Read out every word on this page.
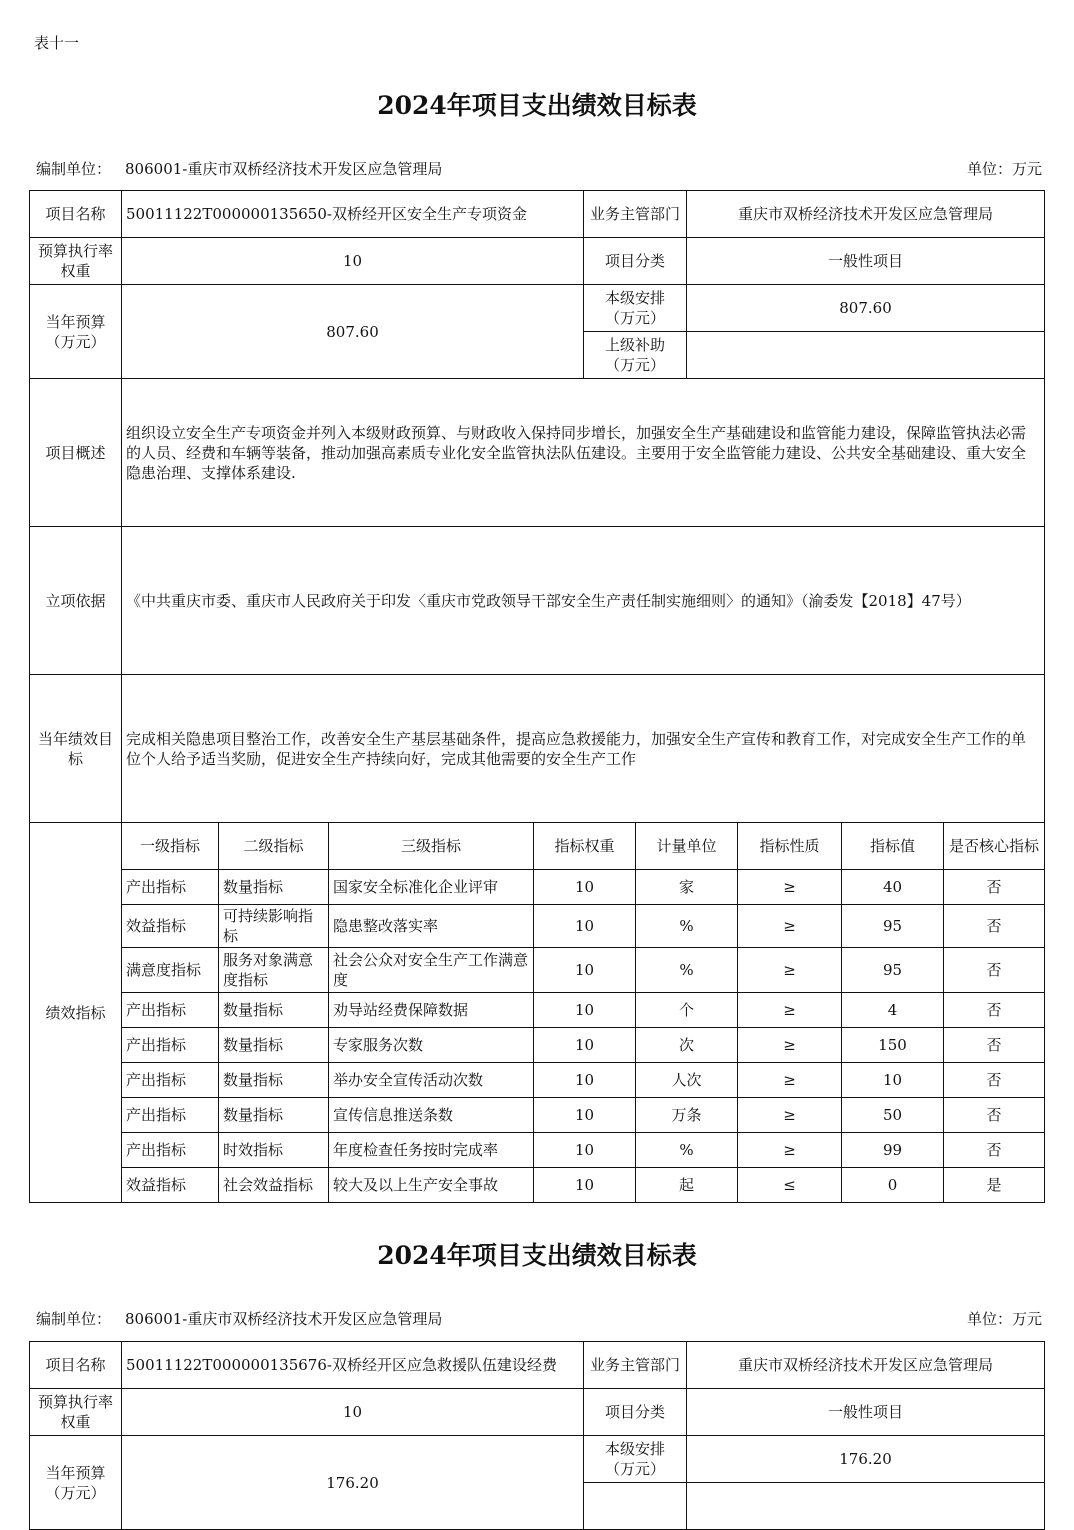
表十一
2024年项目支出绩效目标表
编制单位： 806001-重庆市双桥经济技术开发区应急管理局	单位：万元
项目名称	50011122T000000135650-双桥经开区安全生产专项资金	业务主管部门	重庆市双桥经济技术开发区应急管理局
预算执行率权重	10	项目分类	一般性项目
当年预算（万元）	807.60	本级安排（万元）	807.60
		上级补助（万元）	
项目概述	组织设立安全生产专项资金并列入本级财政预算、与财政收入保持同步增长，加强安全生产基础建设和监管能力建设，保障监管执法必需的人员、经费和车辆等装备，推动加强高素质专业化安全监管执法队伍建设。主要用于安全监管能力建设、公共安全基础建设、重大安全隐患治理、支撑体系建设.		
立项依据	《中共重庆市委、重庆市人民政府关于印发〈重庆市党政领导干部安全生产责任制实施细则〉的通知》（渝委发【2018】47号）		
当年绩效目标	完成相关隐患项目整治工作，改善安全生产基层基础条件，提高应急救援能力，加强安全生产宣传和教育工作，对完成安全生产工作的单位个人给予适当奖励，促进安全生产持续向好，完成其他需要的安全生产工作		
绩效指标	一级指标	二级指标	三级指标	指标权重	计量单位	指标性质	指标值	是否核心指标
	产出指标	数量指标	国家安全标准化企业评审	10	家	≥	40	否
	效益指标	可持续影响指标	隐患整改落实率	10	%	≥	95	否
	满意度指标	服务对象满意度指标	社会公众对安全生产工作满意度	10	%	≥	95	否
	产出指标	数量指标	劝导站经费保障数据	10	个	≥	4	否
	产出指标	数量指标	专家服务次数	10	次	≥	150	否
	产出指标	数量指标	举办安全宣传活动次数	10	人次	≥	10	否
	产出指标	数量指标	宣传信息推送条数	10	万条	≥	50	否
	产出指标	时效指标	年度检查任务按时完成率	10	%	≥	99	否
	效益指标	社会效益指标	较大及以上生产安全事故	10	起	≤	0	是
2024年项目支出绩效目标表
编制单位： 806001-重庆市双桥经济技术开发区应急管理局	单位：万元
项目名称	50011122T000000135676-双桥经开区应急救援队伍建设经费	业务主管部门	重庆市双桥经济技术开发区应急管理局
预算执行率权重	10	项目分类	一般性项目
当年预算（万元）	176.20	本级安排（万元）	176.20
